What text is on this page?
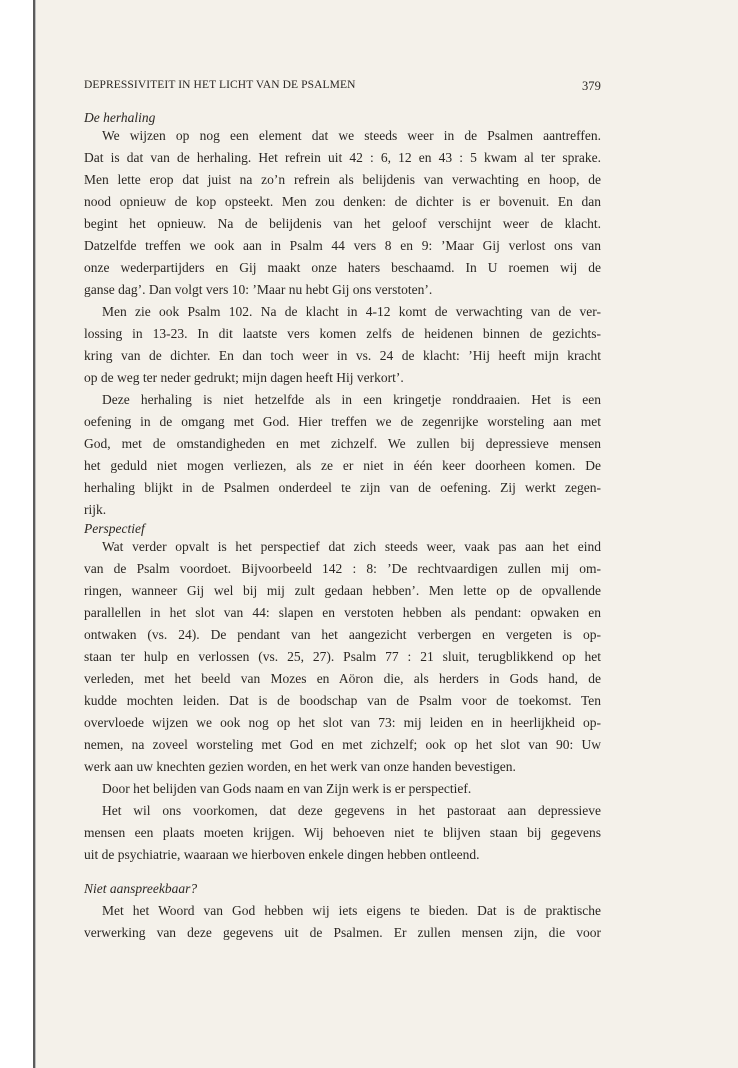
DEPRESSIVITEIT IN HET LICHT VAN DE PSALMEN	379
De herhaling
We wijzen op nog een element dat we steeds weer in de Psalmen aantreffen.
Dat is dat van de herhaling. Het refrein uit 42 : 6, 12 en 43 : 5 kwam al ter sprake.
Men lette erop dat juist na zo’n refrein als belijdenis van verwachting en hoop, de
nood opnieuw de kop opsteekt. Men zou denken: de dichter is er bovenuit. En dan
begint het opnieuw. Na de belijdenis van het geloof verschijnt weer de klacht.
Datzelfde treffen we ook aan in Psalm 44 vers 8 en 9: ’Maar Gij verlost ons van
onze wederpartijders en Gij maakt onze haters beschaamd. In U roemen wij de
ganse dag’. Dan volgt vers 10: ’Maar nu hebt Gij ons verstoten’.
Men zie ook Psalm 102. Na de klacht in 4-12 komt de verwachting van de ver-
lossing in 13-23. In dit laatste vers komen zelfs de heidenen binnen de gezichts-
kring van de dichter. En dan toch weer in vs. 24 de klacht: ’Hij heeft mijn kracht
op de weg ter neder gedrukt; mijn dagen heeft Hij verkort’.
Deze herhaling is niet hetzelfde als in een kringetje ronddraaien. Het is een
oefening in de omgang met God. Hier treffen we de zegenrijke worsteling aan met
God, met de omstandigheden en met zichzelf. We zullen bij depressieve mensen
het geduld niet mogen verliezen, als ze er niet in één keer doorheen komen. De
herhaling blijkt in de Psalmen onderdeel te zijn van de oefening. Zij werkt zegen-
rijk.
Perspectief
Wat verder opvalt is het perspectief dat zich steeds weer, vaak pas aan het eind
van de Psalm voordoet. Bijvoorbeeld 142 : 8: ’De rechtvaardigen zullen mij om-
ringen, wanneer Gij wel bij mij zult gedaan hebben’. Men lette op de opvallende
parallellen in het slot van 44: slapen en verstoten hebben als pendant: opwaken en
ontwaken (vs. 24). De pendant van het aangezicht verbergen en vergeten is op-
staan ter hulp en verlossen (vs. 25, 27). Psalm 77 : 21 sluit, terugblikkend op het
verleden, met het beeld van Mozes en Aöron die, als herders in Gods hand, de
kudde mochten leiden. Dat is de boodschap van de Psalm voor de toekomst. Ten
overvloede wijzen we ook nog op het slot van 73: mij leiden en in heerlijkheid op-
nemen, na zoveel worsteling met God en met zichzelf; ook op het slot van 90: Uw
werk aan uw knechten gezien worden, en het werk van onze handen bevestigen.
Door het belijden van Gods naam en van Zijn werk is er perspectief.
Het wil ons voorkomen, dat deze gegevens in het pastoraat aan depressieve
mensen een plaats moeten krijgen. Wij behoeven niet te blijven staan bij gegevens
uit de psychiatrie, waaraan we hierboven enkele dingen hebben ontleend.
Niet aanspreekbaar?
Met het Woord van God hebben wij iets eigens te bieden. Dat is de praktische
verwerking van deze gegevens uit de Psalmen. Er zullen mensen zijn, die voor
